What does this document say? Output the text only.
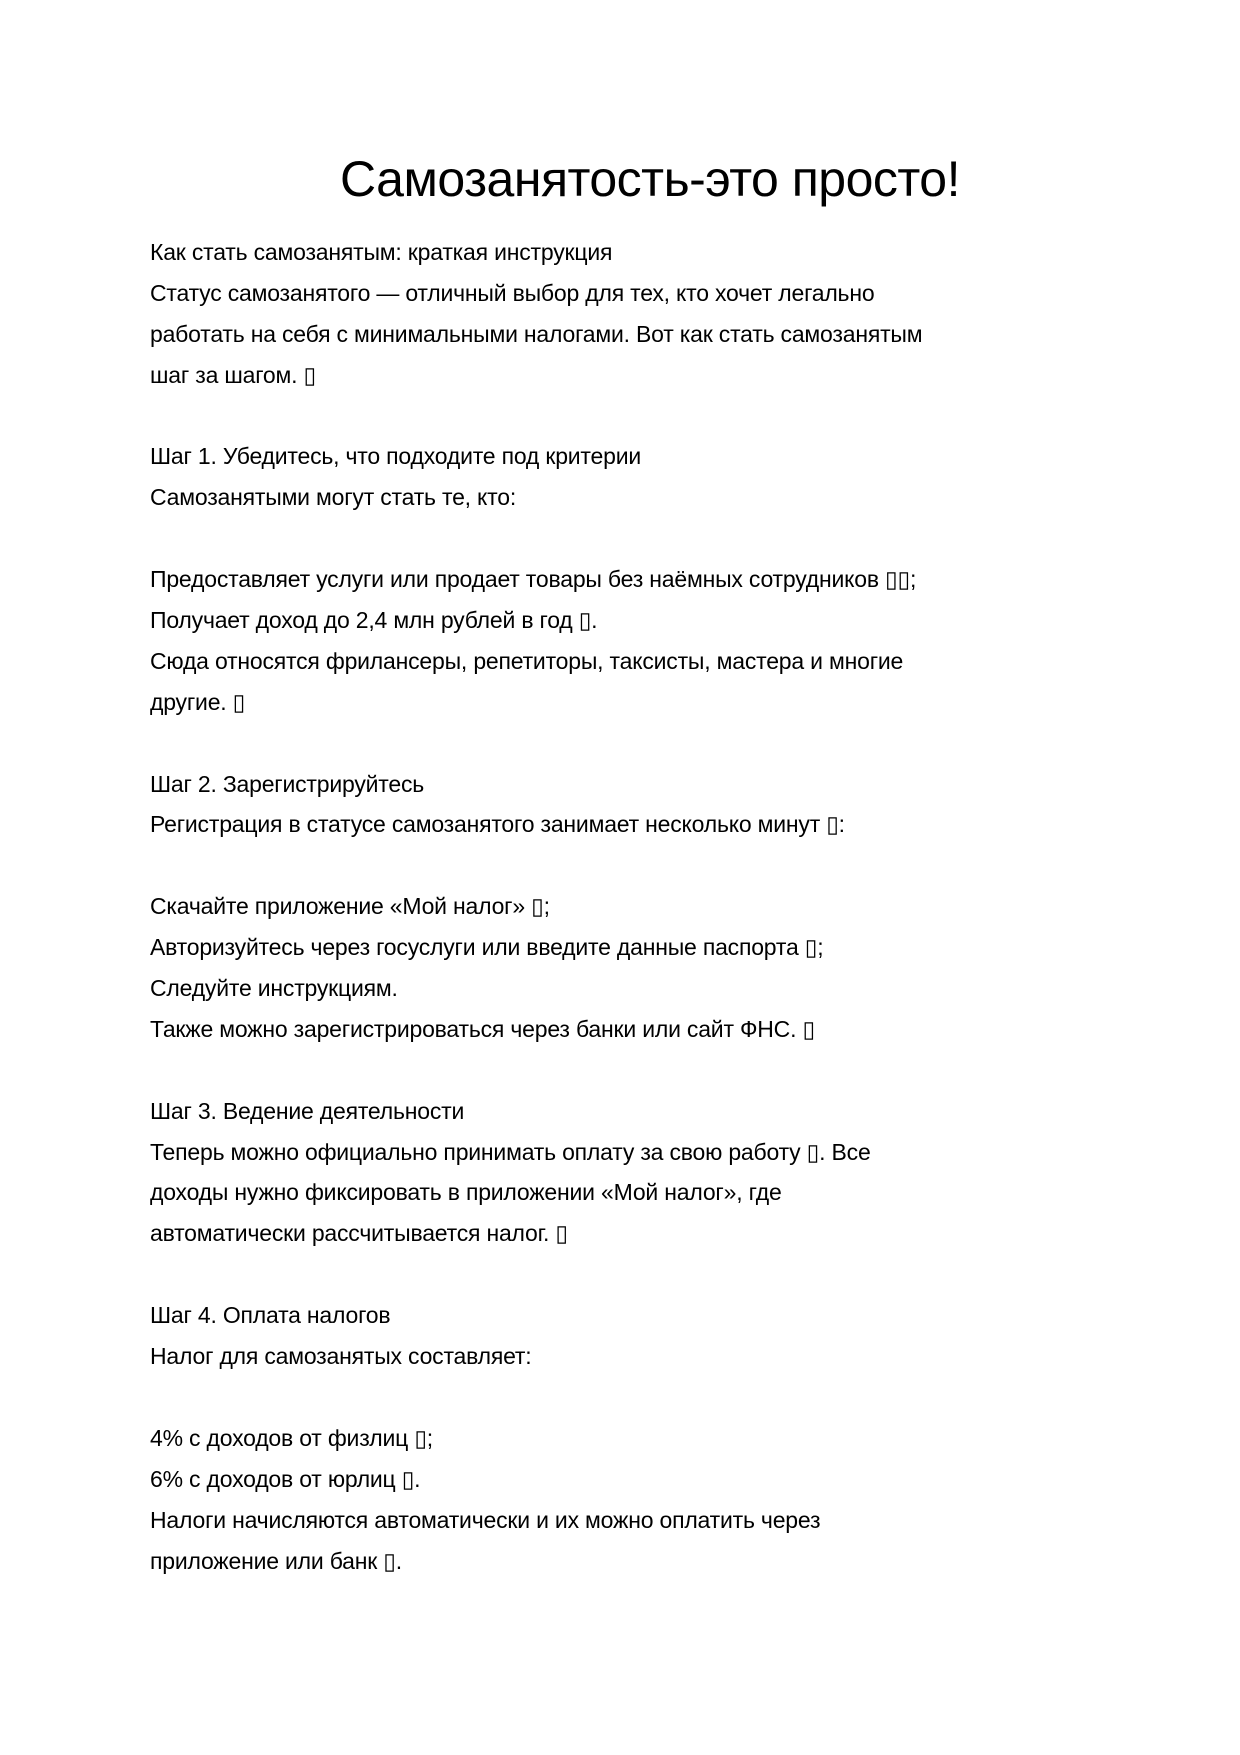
Самозанятость-это просто!
Как стать самозанятым: краткая инструкция
Статус самозанятого — отличный выбор для тех, кто хочет легально
работать на себя с минимальными налогами. Вот как стать самозанятым
шаг за шагом. ▯
Шаг 1. Убедитесь, что подходите под критерии
Самозанятыми могут стать те, кто:
Предоставляет услуги или продает товары без наёмных сотрудников ▯▯;
Получает доход до 2,4 млн рублей в год ▯.
Сюда относятся фрилансеры, репетиторы, таксисты, мастера и многие
другие. ▯
Шаг 2. Зарегистрируйтесь
Регистрация в статусе самозанятого занимает несколько минут ▯:
Скачайте приложение «Мой налог» ▯;
Авторизуйтесь через госуслуги или введите данные паспорта ▯;
Следуйте инструкциям.
Также можно зарегистрироваться через банки или сайт ФНС. ▯
Шаг 3. Ведение деятельности
Теперь можно официально принимать оплату за свою работу ▯. Все
доходы нужно фиксировать в приложении «Мой налог», где
автоматически рассчитывается налог. ▯
Шаг 4. Оплата налогов
Налог для самозанятых составляет:
4% с доходов от физлиц ▯;
6% с доходов от юрлиц ▯.
Налоги начисляются автоматически и их можно оплатить через
приложение или банк ▯.
